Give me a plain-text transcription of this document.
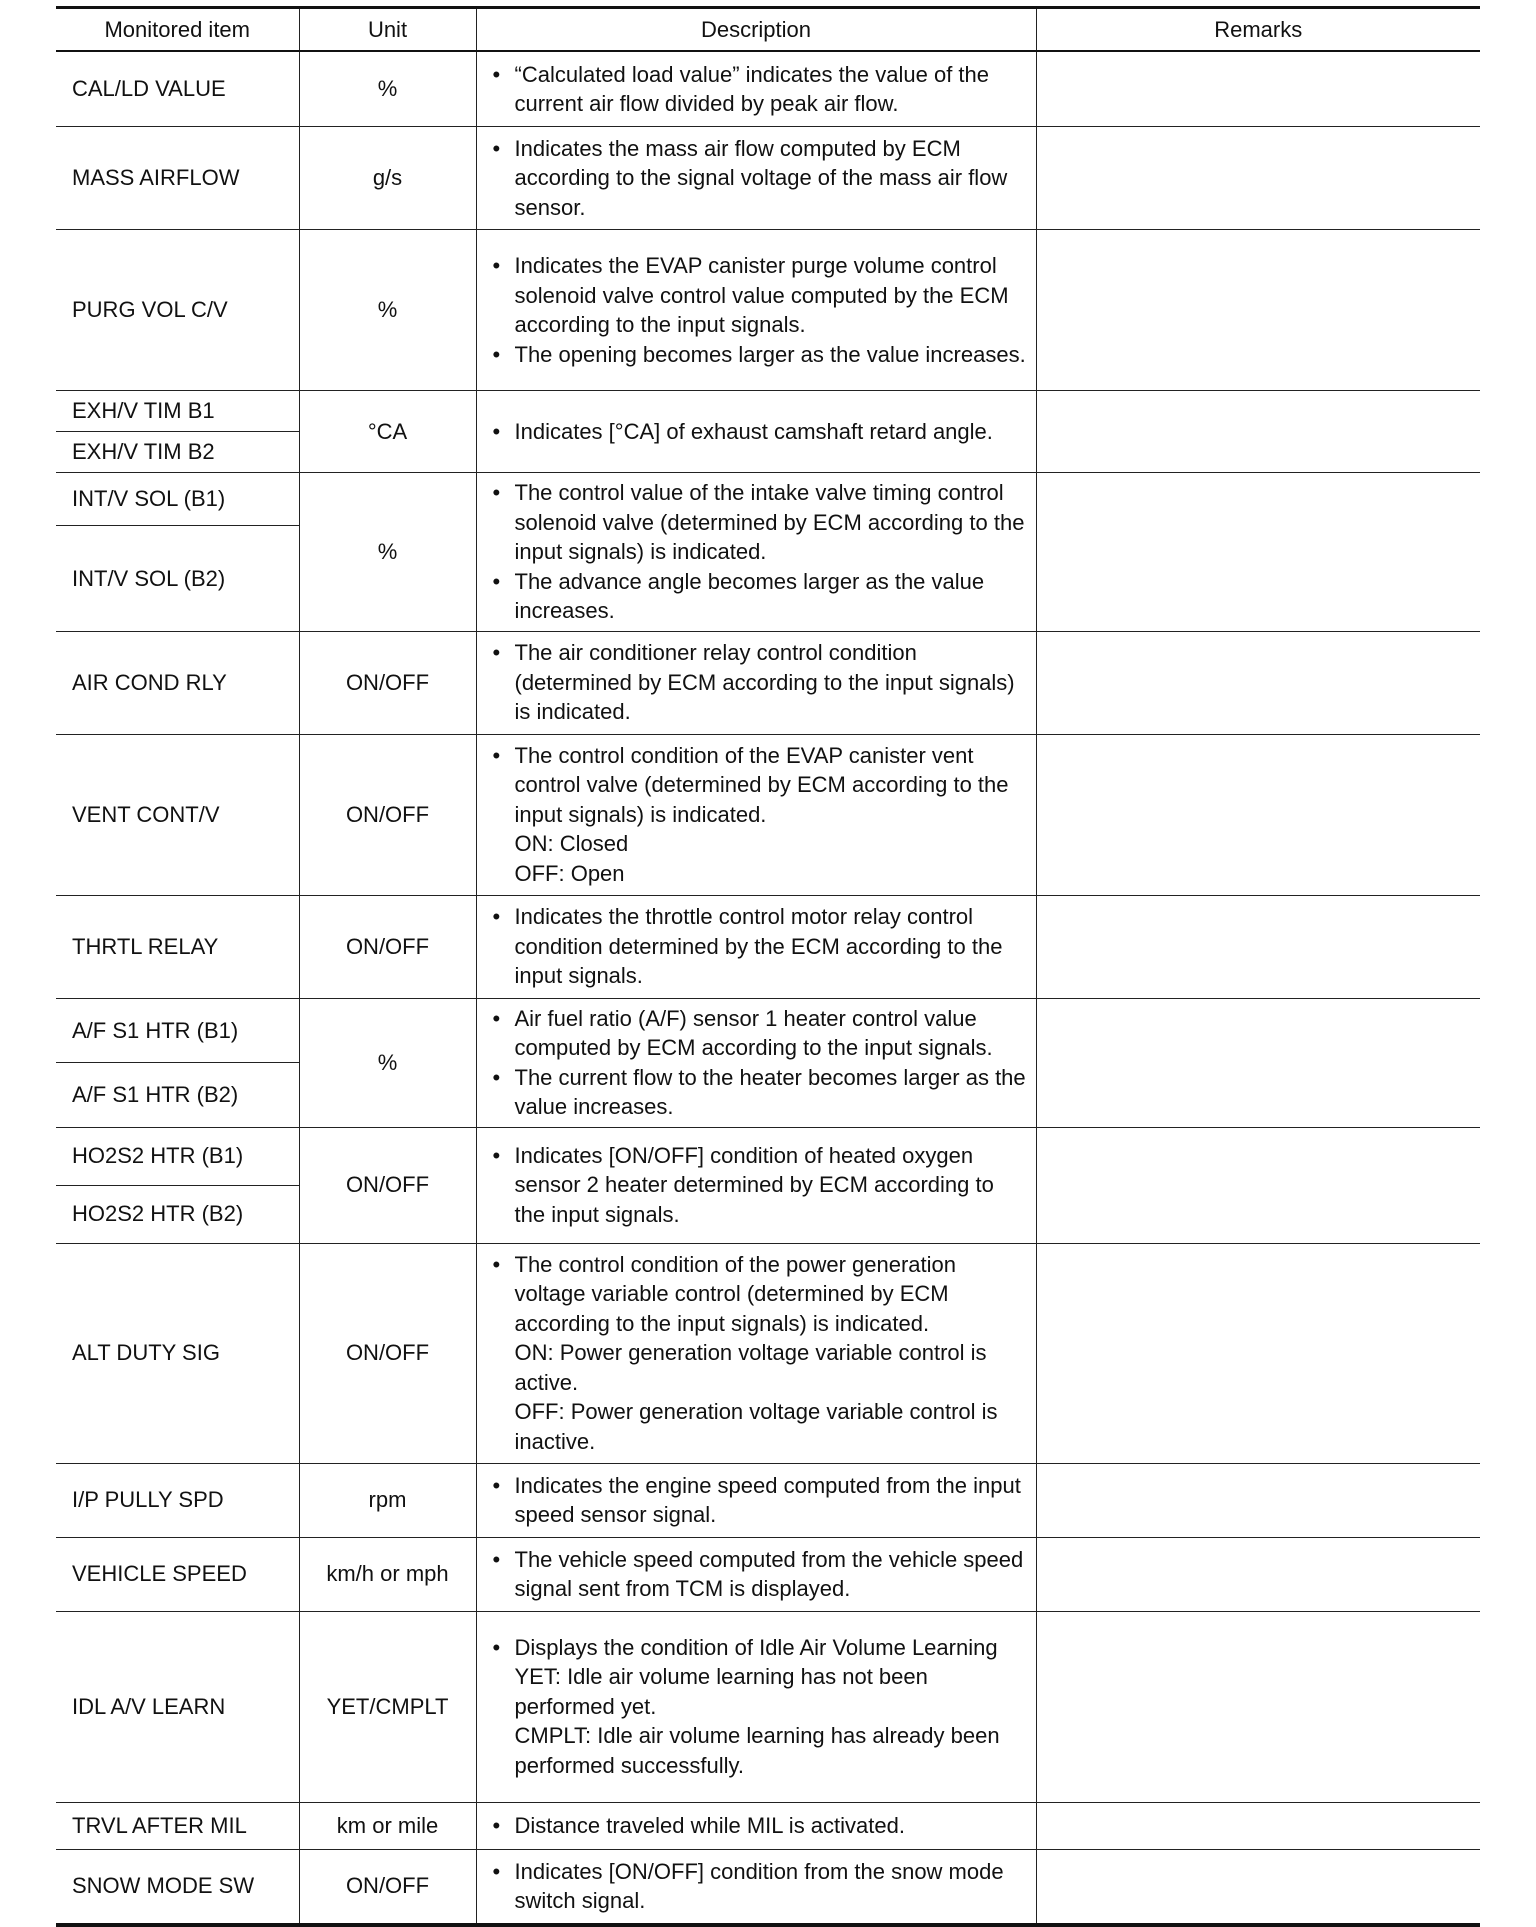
Monitored item	Unit	Description	Remarks
CAL/LD VALUE	%	• “Calculated load value” indicates the value of the current air flow divided by peak air flow.

MASS AIRFLOW	g/s	• Indicates the mass air flow computed by ECM according to the signal voltage of the mass air flow sensor.

PURG VOL C/V	%	• Indicates the EVAP canister purge volume control solenoid valve control value computed by the ECM according to the input signals.
• The opening becomes larger as the value increases.

EXH/V TIM B1	°CA	• Indicates [°CA] of exhaust camshaft retard angle.

EXH/V TIM B2			
INT/V SOL (B1)	%	• The control value of the intake valve timing control solenoid valve (determined by ECM according to the input signals) is indicated.
• The advance angle becomes larger as the value increases.

INT/V SOL (B2)			
AIR COND RLY	ON/OFF	• The air conditioner relay control condition (determined by ECM according to the input signals) is indicated.

VENT CONT/V	ON/OFF	• The control condition of the EVAP canister vent control valve (determined by ECM according to the input signals) is indicated.
ON: Closed
OFF: Open

THRTL RELAY	ON/OFF	• Indicates the throttle control motor relay control condition determined by the ECM according to the input signals.

A/F S1 HTR (B1)	%	• Air fuel ratio (A/F) sensor 1 heater control value computed by ECM according to the input signals.
• The current flow to the heater becomes larger as the value increases.

A/F S1 HTR (B2)			
HO2S2 HTR (B1)	ON/OFF	• Indicates [ON/OFF] condition of heated oxygen sensor 2 heater determined by ECM according to the input signals.

HO2S2 HTR (B2)			
ALT DUTY SIG	ON/OFF	• The control condition of the power generation voltage variable control (determined by ECM according to the input signals) is indicated.
ON: Power generation voltage variable control is active.
OFF: Power generation voltage variable control is inactive.

I/P PULLY SPD	rpm	• Indicates the engine speed computed from the input speed sensor signal.

VEHICLE SPEED	km/h or mph	• The vehicle speed computed from the vehicle speed signal sent from TCM is displayed.

IDL A/V LEARN	YET/CMPLT	• Displays the condition of Idle Air Volume Learning
YET: Idle air volume learning has not been performed yet.
CMPLT: Idle air volume learning has already been performed successfully.

TRVL AFTER MIL	km or mile	• Distance traveled while MIL is activated.

SNOW MODE SW	ON/OFF	• Indicates [ON/OFF] condition from the snow mode switch signal.
